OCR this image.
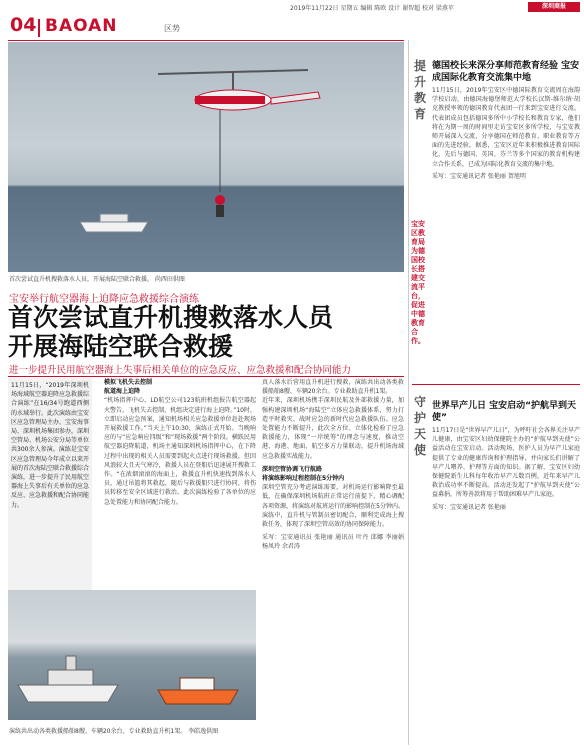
2019年11月22日 星期五 编辑 陈欧 设计 谢智超 校对 梁燕苹	深圳商报
04 BAOAN	区势
首次尝试直升机搜救落水人员，开展海陆空联合救援。 尚西田供图
宝安举行航空器海上迫降应急救援综合演练
首次尝试直升机搜救落水人员
开展海陆空联合救援
进一步提升民用航空器海上失事后相关单位的应急反应、应急救援和配合协同能力
11月15日，“2019年深圳机场海域航空器迫降应急救援综合演练”在16/34号跑道西侧的水域举行。此次演练由宝安区应急管理局主办，宝安海事局、深圳机场集团参办，深圳空管局、机场公安分局等单位共300余人参演。演练是宝安区应急管理局今年成立以来开展的首次海陆空联合救援综合演练，进一步提升了民用航空器海上失事后有关单位的应急反应、应急救援和配合协同能力。
模拟飞机失去控制
航道海上迫降
“机场指挥中心，LD航空公司123航班机组报告航空器起火警告，飞机失去控制，机组决定进行海上迫降。”10时，立即启动应急预案，通知机场相关应急救援单位赶赴现场开展救援工作。”当天上午10:30，演练正式开始。当晚响应的与“应急响应四级”和“现场救援”两个阶段。横跃民用航空器迫降航道，机场主通知深圳机场指挥中心，在下降过程中出现的相关人员需要到起火点进行现场救援，但因风浪较大且天气寒冷，救援人员在登船后迅速展开搜救工作。“在浓烟滚滚的海面上，救援直升机快速找到落水人员，通过吊篮将其救起，随后与救援船只进行协同，将伤员转移至安全区域进行救治。此次演练检验了各单位的应急处置能力和协同配合能力。
真人落水后营用直升机进行搜救，演练共出动各类救援船舶8艘、车辆20余台。专业救助直升机1架。
近年来，深圳机场携手深圳民航及外部救援力量，加强构建深圳机场“海陆空”立体应急救援体系，努力打造平时救灾、战时应急的新时代应急救援队伍。应急处置能力不断提升，此次全方位、立体化检验了应急救援能力，体现“一岸统筹”的理念与速度，推动空港、海港、地面、航空多方力量联动，提升机场海域应急救援实战能力。
深圳空管协调飞行航路
将演练影响过程控制在5分钟内
深圳空管充分考虑演练需要，对机场运行影响降至最低，在确保深圳机场航班正常运行前提下，精心调配各项资源，将演练对航班运行的影响控制在5分钟内。演练中，直升机与管制员密切配合，顺利完成海上搜救任务，体现了深圳空管高效的协同保障能力。
采写：宝安通讯员 张艳丽 通讯员 叶丹 邱娜 李丽娟 杨凤玲 余君涛
演练共出动各类救援船舶8艘、车辆20余台、专业救助直升机1架。 李皓逸供图
提升教育
德国校长来深分享师范教育经验 宝安成国际化教育交流集中地
11月15日，2019年宝安区中德国际教育交流周在海韵学校启动，由德国海德堡师范大学校长汉斯-维尔纳·胡克教授率领的德国教育代表团一行来到宝安进行交流。代表团成员包括德国多所中小学校长和教育专家，他们将在为期一周的时间里走访宝安区多所学校，与宝安教师开展深入交流，分享德国在师范教育、职业教育等方面的先进经验。据悉，宝安区近年来积极推进教育国际化，先后与德国、英国、芬兰等多个国家的教育机构建立合作关系，已成为国际化教育交流的集中地。
采写：宝安通讯记者 张艳丽 贺旭明
宝安区教育局为德国校长搭建交流平台，促进中德教育合作。
守护天使
世界早产儿日 宝安启动“护航早到天使”
11月17日是“世界早产儿日”，为呼吁社会各界关注早产儿健康，由宝安区妇幼保健院主办的“护航早到天使”公益活动在宝安启动。活动现场，医护人员为早产儿家庭提供了专业的健康咨询和护理指导，并向家长们讲解了早产儿喂养、护理等方面的知识。据了解，宝安区妇幼保健院新生儿科每年收治早产儿数百例，近年来早产儿救治成功率不断提高。活动还发起了“护航早到天使”公益募捐，所筹善款将用于帮助困难早产儿家庭。
采写：宝安通讯记者 张艳丽
